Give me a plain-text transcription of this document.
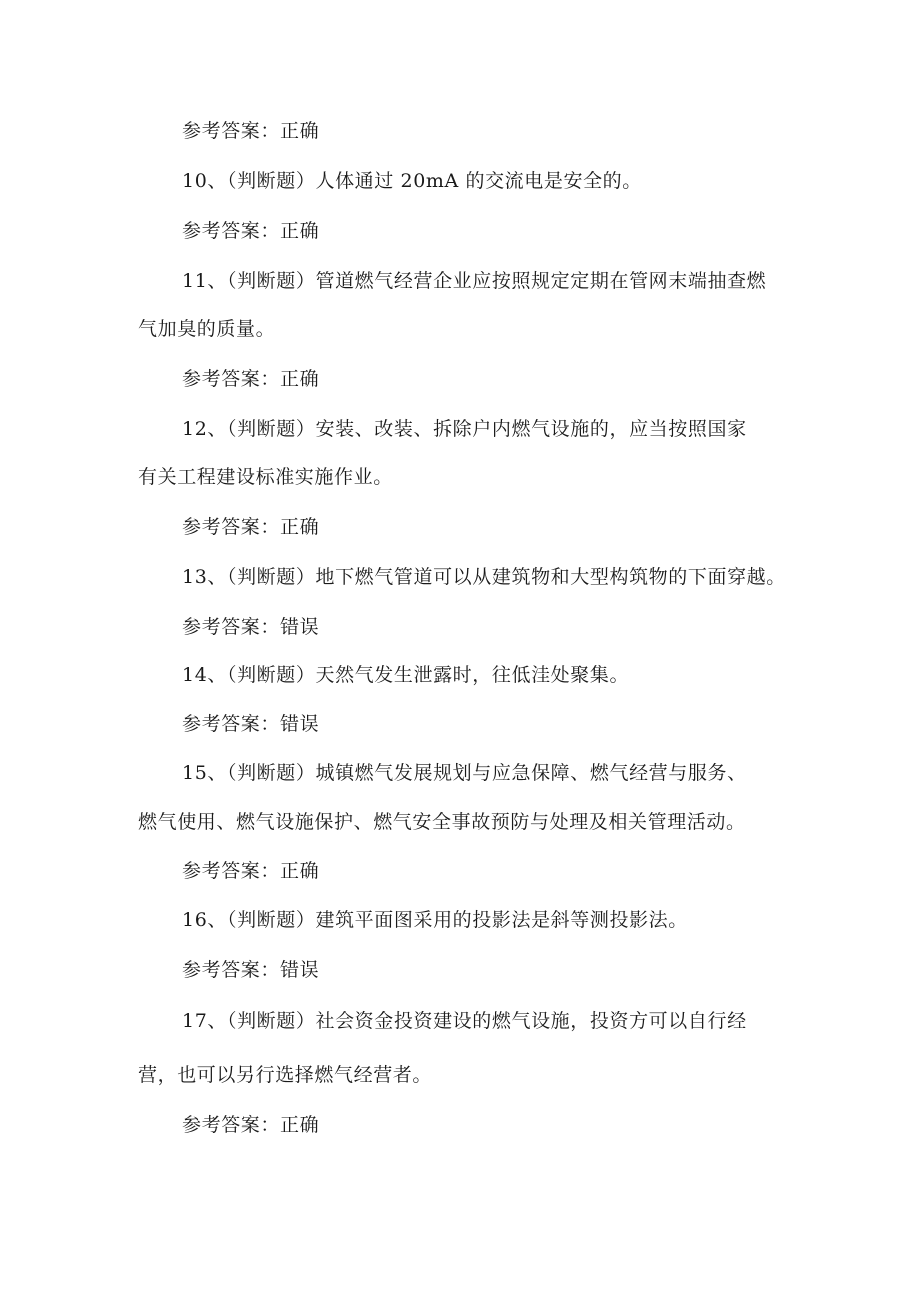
参考答案：正确
10、（判断题）人体通过 20mA 的交流电是安全的。
参考答案：正确
11、（判断题）管道燃气经营企业应按照规定定期在管网末端抽查燃
气加臭的质量。
参考答案：正确
12、（判断题）安装、改装、拆除户内燃气设施的，应当按照国家
有关工程建设标准实施作业。
参考答案：正确
13、（判断题）地下燃气管道可以从建筑物和大型构筑物的下面穿越。
参考答案：错误
14、（判断题）天然气发生泄露时，往低洼处聚集。
参考答案：错误
15、（判断题）城镇燃气发展规划与应急保障、燃气经营与服务、
燃气使用、燃气设施保护、燃气安全事故预防与处理及相关管理活动。
参考答案：正确
16、（判断题）建筑平面图采用的投影法是斜等测投影法。
参考答案：错误
17、（判断题）社会资金投资建设的燃气设施，投资方可以自行经
营，也可以另行选择燃气经营者。
参考答案：正确
